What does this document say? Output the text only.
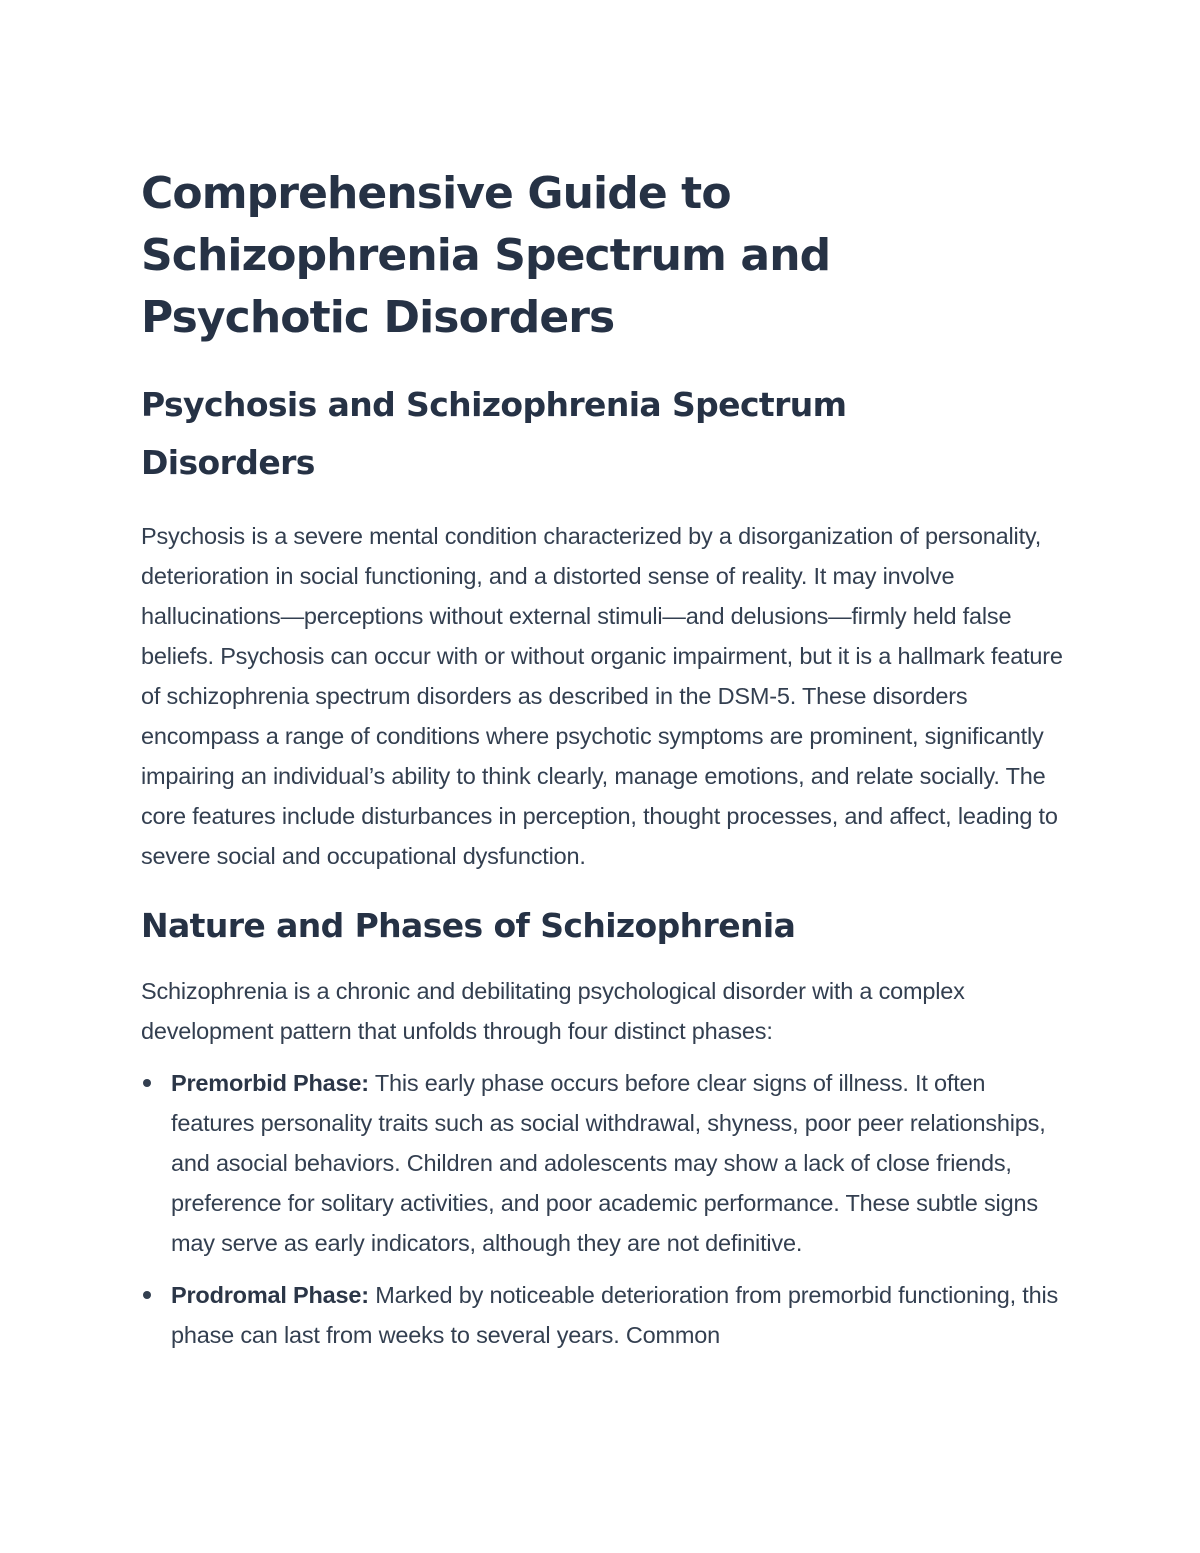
Comprehensive Guide to Schizophrenia Spectrum and Psychotic Disorders
Psychosis and Schizophrenia Spectrum Disorders

Psychosis is a severe mental condition characterized by a disorganization of personality, deterioration in social functioning, and a distorted sense of reality. It may involve hallucinations—perceptions without external stimuli—and delusions—firmly held false beliefs. Psychosis can occur with or without organic impairment, but it is a hallmark feature of schizophrenia spectrum disorders as described in the DSM-5. These disorders encompass a range of conditions where psychotic symptoms are prominent, significantly impairing an individual’s ability to think clearly, manage emotions, and relate socially. The core features include disturbances in perception, thought processes, and affect, leading to severe social and occupational dysfunction.

Nature and Phases of Schizophrenia

Schizophrenia is a chronic and debilitating psychological disorder with a complex development pattern that unfolds through four distinct phases:

Premorbid Phase: This early phase occurs before clear signs of illness. It often features personality traits such as social withdrawal, shyness, poor peer relationships, and asocial behaviors. Children and adolescents may show a lack of close friends, preference for solitary activities, and poor academic performance. These subtle signs may serve as early indicators, although they are not definitive.
Prodromal Phase: Marked by noticeable deterioration from premorbid functioning, this phase can last from weeks to several years. Common
